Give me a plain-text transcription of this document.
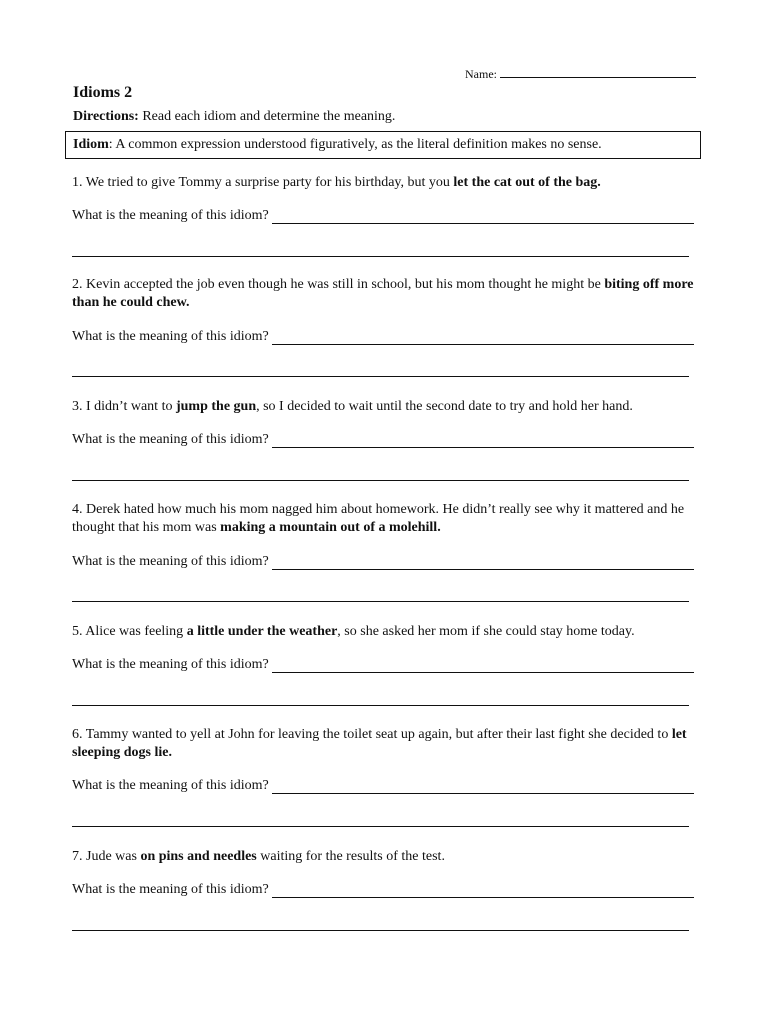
Name:
Idioms 2
Directions: Read each idiom and determine the meaning.
Idiom: A common expression understood figuratively, as the literal definition makes no sense.
1. We tried to give Tommy a surprise party for his birthday, but you let the cat out of the bag.
What is the meaning of this idiom?
2. Kevin accepted the job even though he was still in school, but his mom thought he might be biting off more than he could chew.
What is the meaning of this idiom?
3. I didn’t want to jump the gun, so I decided to wait until the second date to try and hold her hand.
What is the meaning of this idiom?
4. Derek hated how much his mom nagged him about homework. He didn’t really see why it mattered and he thought that his mom was making a mountain out of a molehill.
What is the meaning of this idiom?
5. Alice was feeling a little under the weather, so she asked her mom if she could stay home today.
What is the meaning of this idiom?
6. Tammy wanted to yell at John for leaving the toilet seat up again, but after their last fight she decided to let sleeping dogs lie.
What is the meaning of this idiom?
7. Jude was on pins and needles waiting for the results of the test.
What is the meaning of this idiom?
